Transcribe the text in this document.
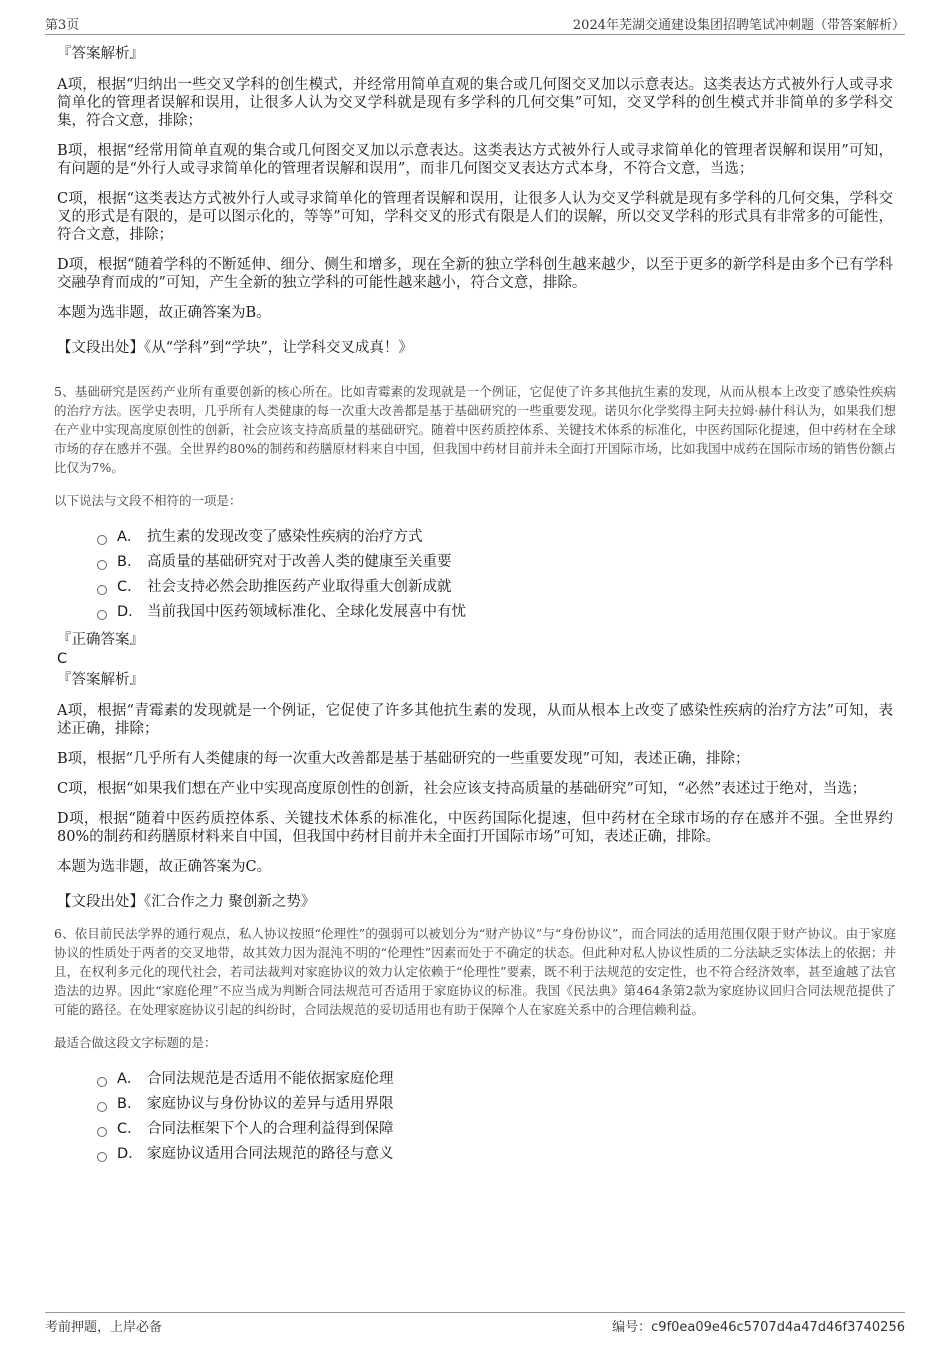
第3页	2024年芜湖交通建设集团招聘笔试冲刺题（带答案解析）
『答案解析』

A项，根据“归纳出一些交叉学科的创生模式，并经常用简单直观的集合或几何图交叉加以示意表达。这类表达方式被外行人或寻求简单化的管理者误解和误用，让很多人认为交叉学科就是现有多学科的几何交集”可知，交叉学科的创生模式并非简单的多学科交集，符合文意，排除；

B项，根据“经常用简单直观的集合或几何图交叉加以示意表达。这类表达方式被外行人或寻求简单化的管理者误解和误用”可知，有问题的是“外行人或寻求简单化的管理者误解和误用”，而非几何图交叉表达方式本身，不符合文意，当选；

C项，根据“这类表达方式被外行人或寻求简单化的管理者误解和误用，让很多人认为交叉学科就是现有多学科的几何交集，学科交叉的形式是有限的，是可以图示化的，等等”可知，学科交叉的形式有限是人们的误解，所以交叉学科的形式具有非常多的可能性，符合文意，排除；

D项，根据“随着学科的不断延伸、细分、侧生和增多，现在全新的独立学科创生越来越少，以至于更多的新学科是由多个已有学科交融孕育而成的”可知，产生全新的独立学科的可能性越来越小，符合文意，排除。

本题为选非题，故正确答案为B。

【文段出处】《从“学科”到“学块”，让学科交叉成真！》

5、基础研究是医药产业所有重要创新的核心所在。比如青霉素的发现就是一个例证，它促使了许多其他抗生素的发现，从而从根本上改变了感染性疾病的治疗方法。医学史表明，几乎所有人类健康的每一次重大改善都是基于基础研究的一些重要发现。诺贝尔化学奖得主阿夫拉姆·赫什科认为，如果我们想在产业中实现高度原创性的创新，社会应该支持高质量的基础研究。随着中医药质控体系、关键技术体系的标准化，中医药国际化提速，但中药材在全球市场的存在感并不强。全世界约80%的制药和药膳原材料来自中国，但我国中药材目前并未全面打开国际市场，比如我国中成药在国际市场的销售份额占比仅为7%。

以下说法与文段不相符的一项是：
A． 抗生素的发现改变了感染性疾病的治疗方式
B． 高质量的基础研究对于改善人类的健康至关重要
C． 社会支持必然会助推医药产业取得重大创新成就
D． 当前我国中医药领域标准化、全球化发展喜中有忧
『正确答案』
C
『答案解析』

A项，根据“青霉素的发现就是一个例证，它促使了许多其他抗生素的发现，从而从根本上改变了感染性疾病的治疗方法”可知，表述正确，排除；

B项，根据“几乎所有人类健康的每一次重大改善都是基于基础研究的一些重要发现”可知，表述正确，排除；

C项，根据“如果我们想在产业中实现高度原创性的创新，社会应该支持高质量的基础研究”可知，“必然”表述过于绝对，当选；

D项，根据“随着中医药质控体系、关键技术体系的标准化，中医药国际化提速，但中药材在全球市场的存在感并不强。全世界约80%的制药和药膳原材料来自中国，但我国中药材目前并未全面打开国际市场”可知，表述正确，排除。

本题为选非题，故正确答案为C。

【文段出处】《汇合作之力 聚创新之势》

6、依目前民法学界的通行观点，私人协议按照“伦理性”的强弱可以被划分为“财产协议”与“身份协议”，而合同法的适用范围仅限于财产协议。由于家庭协议的性质处于两者的交叉地带，故其效力因为混沌不明的“伦理性”因素而处于不确定的状态。但此种对私人协议性质的二分法缺乏实体法上的依据；并且，在权利多元化的现代社会，若司法裁判对家庭协议的效力认定依赖于“伦理性”要素，既不利于法规范的安定性，也不符合经济效率，甚至逾越了法官造法的边界。因此“家庭伦理”不应当成为判断合同法规范可否适用于家庭协议的标准。我国《民法典》第464条第2款为家庭协议回归合同法规范提供了可能的路径。在处理家庭协议引起的纠纷时，合同法规范的妥切适用也有助于保障个人在家庭关系中的合理信赖利益。

最适合做这段文字标题的是：
A． 合同法规范是否适用不能依据家庭伦理
B． 家庭协议与身份协议的差异与适用界限
C． 合同法框架下个人的合理利益得到保障
D． 家庭协议适用合同法规范的路径与意义
考前押题，上岸必备	编号：c9f0ea09e46c5707d4a47d46f3740256
